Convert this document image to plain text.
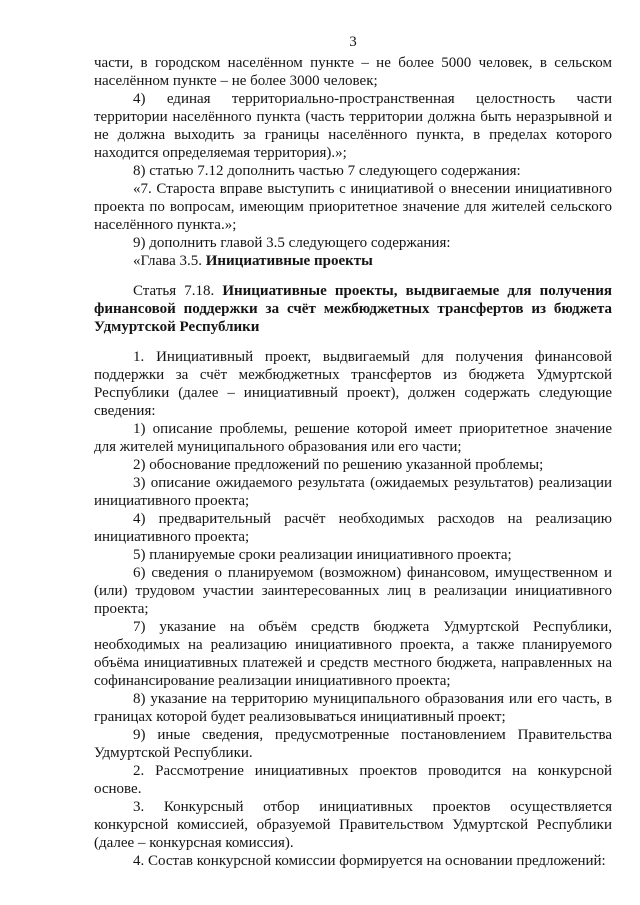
3
части, в городском населённом пункте – не более 5000 человек, в сельском
населённом пункте – не более 3000 человек;
4) единая территориально-пространственная целостность части
территории населённого пункта (часть территории должна быть неразрывной и
не должна выходить за границы населённого пункта, в пределах которого
находится определяемая территория).»;
8) статью 7.12 дополнить частью 7 следующего содержания:
«7. Староста вправе выступить с инициативой о внесении инициативного
проекта по вопросам, имеющим приоритетное значение для жителей сельского
населённого пункта.»;
9) дополнить главой 3.5 следующего содержания:
«Глава 3.5. Инициативные проекты
Статья 7.18. Инициативные проекты, выдвигаемые для получения
финансовой поддержки за счёт межбюджетных трансфертов из бюджета
Удмуртской Республики
1. Инициативный проект, выдвигаемый для получения финансовой
поддержки за счёт межбюджетных трансфертов из бюджета Удмуртской
Республики (далее – инициативный проект), должен содержать следующие
сведения:
1) описание проблемы, решение которой имеет приоритетное значение
для жителей муниципального образования или его части;
2) обоснование предложений по решению указанной проблемы;
3) описание ожидаемого результата (ожидаемых результатов) реализации
инициативного проекта;
4) предварительный расчёт необходимых расходов на реализацию
инициативного проекта;
5) планируемые сроки реализации инициативного проекта;
6) сведения о планируемом (возможном) финансовом, имущественном и
(или) трудовом участии заинтересованных лиц в реализации инициативного
проекта;
7) указание на объём средств бюджета Удмуртской Республики,
необходимых на реализацию инициативного проекта, а также планируемого
объёма инициативных платежей и средств местного бюджета, направленных на
софинансирование реализации инициативного проекта;
8) указание на территорию муниципального образования или его часть, в
границах которой будет реализовываться инициативный проект;
9) иные сведения, предусмотренные постановлением Правительства
Удмуртской Республики.
2. Рассмотрение инициативных проектов проводится на конкурсной
основе.
3. Конкурсный отбор инициативных проектов осуществляется
конкурсной комиссией, образуемой Правительством Удмуртской Республики
(далее – конкурсная комиссия).
4. Состав конкурсной комиссии формируется на основании предложений:
